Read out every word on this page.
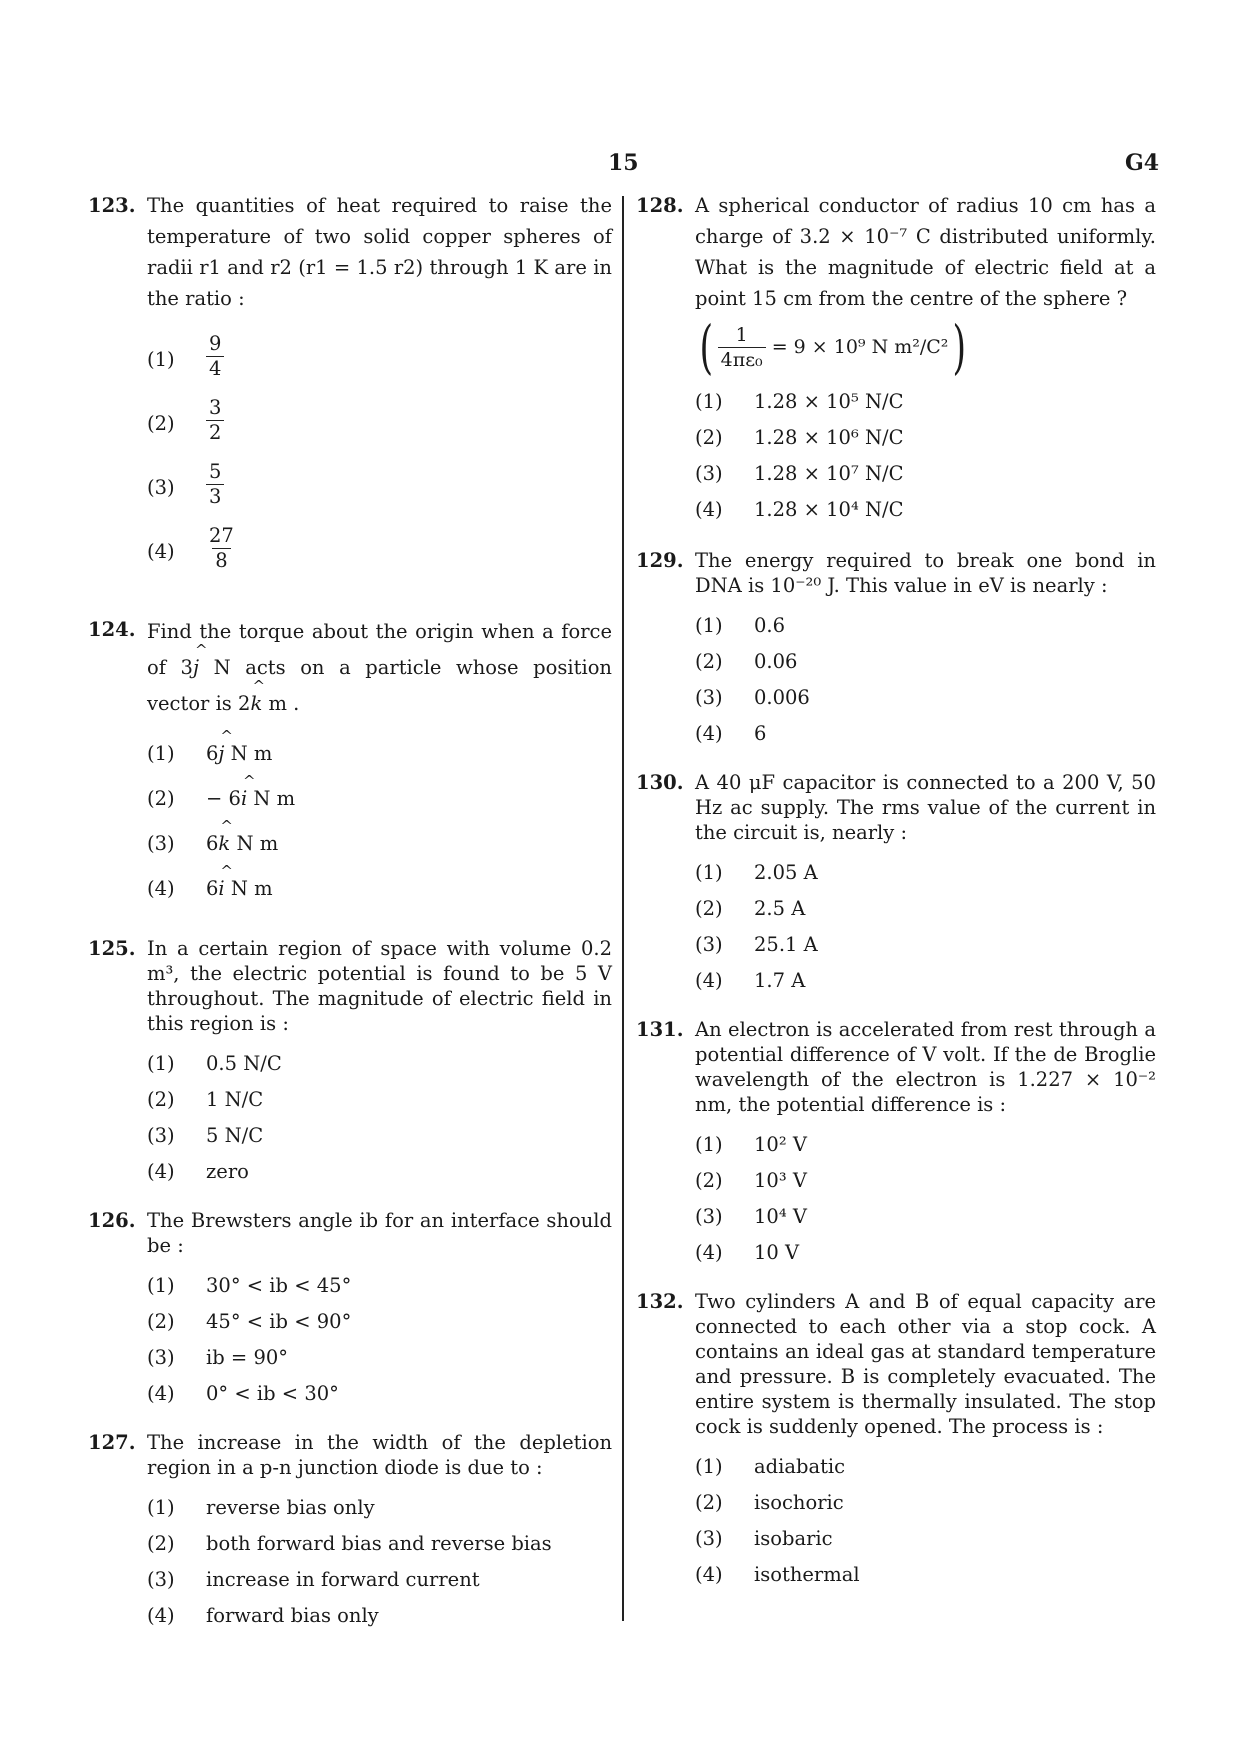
15	G4
123. The quantities of heat required to raise the temperature of two solid copper spheres of radii r1 and r2 (r1 = 1.5 r2) through 1 K are in the ratio :
$(1) \frac{9}{4}$
$(2) \frac{3}{2}$
$(3) \frac{5}{3}$
$(4) \frac{27}{8}$
124. Find the torque about the origin when a force of 3
^
j N acts on a particle whose position vector is 2
^
k m .
(1) 6
^
j N m
(2) − 6
^
i N m
(3) 6
^
k N m
(4) 6
^
i N m
125. In a certain region of space with volume 0.2 m³, the electric potential is found to be 5 V throughout. The magnitude of electric field in this region is :
(1) 0.5 N/C
(2) 1 N/C
(3) 5 N/C
(4) zero
126. The Brewsters angle ib for an interface should be :
(1) 30° < ib < 45°
(2) 45° < ib < 90°
(3) ib = 90°
(4) 0° < ib < 30°
127. The increase in the width of the depletion region in a p-n junction diode is due to :
(1) reverse bias only
(2) both forward bias and reverse bias
(3) increase in forward current
(4) forward bias only
128. A spherical conductor of radius 10 cm has a charge of 3.2 × 10⁻⁷ C distributed uniformly. What is the magnitude of electric field at a point 15 cm from the centre of the sphere ?
( $\frac{1}{\text{4πε₀}} = 9 \times 10^9$ N m²/C² )
(1) 1.28 × 10⁵ N/C
(2) 1.28 × 10⁶ N/C
(3) 1.28 × 10⁷ N/C
(4) 1.28 × 10⁴ N/C
129. The energy required to break one bond in DNA is 10⁻²⁰ J. This value in eV is nearly :
(1) 0.6
(2) 0.06
(3) 0.006
(4) 6
130. A 40 μF capacitor is connected to a 200 V, 50 Hz ac supply. The rms value of the current in the circuit is, nearly :
(1) 2.05 A
(2) 2.5 A
(3) 25.1 A
(4) 1.7 A
131. An electron is accelerated from rest through a potential difference of V volt. If the de Broglie wavelength of the electron is 1.227 × 10⁻² nm, the potential difference is :
(1) 10² V
(2) 10³ V
(3) 10⁴ V
(4) 10 V
132. Two cylinders A and B of equal capacity are connected to each other via a stop cock. A contains an ideal gas at standard temperature and pressure. B is completely evacuated. The entire system is thermally insulated. The stop cock is suddenly opened. The process is :
(1) adiabatic
(2) isochoric
(3) isobaric
(4) isothermal
